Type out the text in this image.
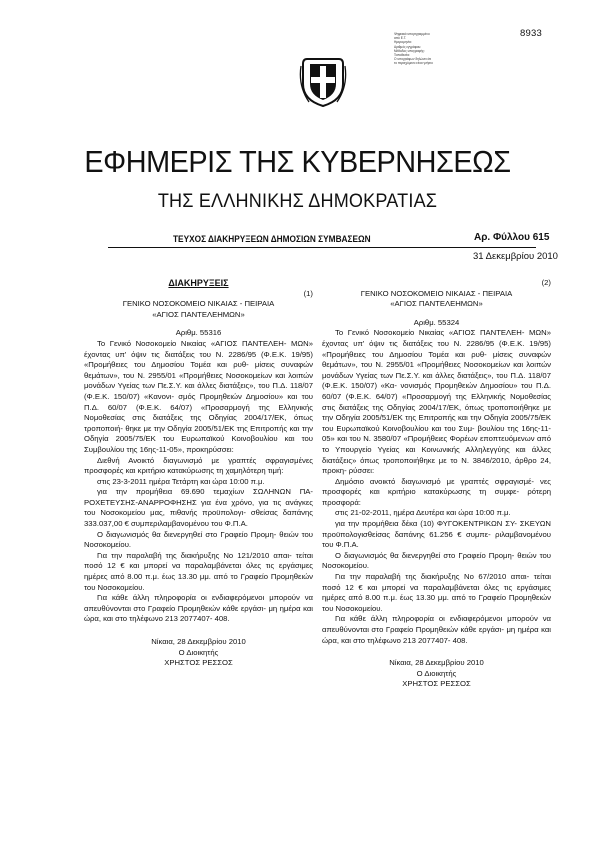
Ψηφιακά υπογεγραμμένο
από Ε.Τ.
Ημερομηνία:
Αριθμός εγγράφου:
Μέθοδος υπογραφής:
Τοποθεσία:
Ο υπογράφων δηλώνει ότι
το περιεχόμενο είναι γνήσιο
8933
ΕΦΗΜΕΡΙΣ ΤΗΣ ΚΥΒΕΡΝΗΣΕΩΣ
ΤΗΣ ΕΛΛΗΝΙΚΗΣ ΔΗΜΟΚΡΑΤΙΑΣ
ΤΕΥΧΟΣ ΔΙΑΚΗΡΥΞΕΩΝ ΔΗΜΟΣΙΩΝ ΣΥΜΒΑΣΕΩΝ	Αρ. Φύλλου 615
31 Δεκεμβρίου 2010

ΔΙΑΚΗΡΥΞΕΙΣ

(1)

ΓΕΝΙΚΟ ΝΟΣΟΚΟΜΕΙΟ ΝΙΚΑΙΑΣ - ΠΕΙΡΑΙΑ

«ΑΓΙΟΣ ΠΑΝΤΕΛΕΗΜΩΝ»

Αριθμ. 55316

Το Γενικό Νοσοκομείο Νικαίας «ΑΓΙΟΣ ΠΑΝΤΕΛΕΗ- ΜΩΝ» έχοντας υπ' όψιν τις διατάξεις του Ν. 2286/95 (Φ.Ε.Κ. 19/95) «Προμήθειες του Δημοσίου Τομέα και ρυθ- μίσεις συναφών θεμάτων», του Ν. 2955/01 «Προμήθειες Νοσοκομείων και λοιπών μονάδων Υγείας των Πε.Σ.Υ. και άλλες διατάξεις», του Π.Δ. 118/07 (Φ.Ε.Κ. 150/07) «Κανονι- σμός Προμηθειών Δημοσίου» και του Π.Δ. 60/07 (Φ.Ε.Κ. 64/07) «Προσαρμογή της Ελληνικής Νομοθεσίας στις διατάξεις της Οδηγίας 2004/17/ΕΚ, όπως τροποποιή- θηκε με την Οδηγία 2005/51/ΕΚ της Επιτροπής και την Οδηγία 2005/75/ΕΚ του Ευρωπαϊκού Κοινοβουλίου και του Συμβουλίου της 16ης-11-05», προκηρύσσει:

Διεθνή Ανοικτό διαγωνισμό με γραπτές σφραγισμένες προσφορές και κριτήριο κατακύρωσης τη χαμηλότερη τιμή:

στις 23-3-2011 ημέρα Τετάρτη και ώρα 10:00 π.μ.

για την προμήθεια 69.690 τεμαχίων ΣΩΛΗΝΩΝ ΠΑ- ΡΟΧΕΤΕΥΣΗΣ-ΑΝΑΡΡΟΦΗΣΗΣ για ένα χρόνο, για τις ανάγκες του Νοσοκομείου μας, πιθανής προϋπολογι- σθείσας δαπάνης 333.037,00 € συμπεριλαμβανομένου του Φ.Π.Α.

Ο διαγωνισμός θα διενεργηθεί στο Γραφείο Προμη- θειών του Νοσοκομείου.

Για την παραλαβή της διακήρυξης Νο 121/2010 απαι- τείται ποσό 12 € και μπορεί να παραλαμβάνεται όλες τις εργάσιμες ημέρες από 8.00 π.μ. έως 13.30 μμ. από το Γραφείο Προμηθειών του Νοσοκομείου.

Για κάθε άλλη πληροφορία οι ενδιαφερόμενοι μπορούν να απευθύνονται στο Γραφείο Προμηθειών κάθε εργάσι- μη ημέρα και ώρα, και στο τηλέφωνο 213 2077407- 408.

Νίκαια, 28 Δεκεμβρίου 2010

Ο Διοικητής

ΧΡΗΣΤΟΣ ΡΕΣΣΟΣ

(2)

ΓΕΝΙΚΟ ΝΟΣΟΚΟΜΕΙΟ ΝΙΚΑΙΑΣ - ΠΕΙΡΑΙΑ

«ΑΓΙΟΣ ΠΑΝΤΕΛΕΗΜΩΝ»

Αριθμ. 55324

Το Γενικό Νοσοκομείο Νικαίας «ΑΓΙΟΣ ΠΑΝΤΕΛΕΗ- ΜΩΝ» έχοντας υπ' όψιν τις διατάξεις του Ν. 2286/95 (Φ.Ε.Κ. 19/95) «Προμήθειες του Δημοσίου Τομέα και ρυθ- μίσεις συναφών θεμάτων», του Ν. 2955/01 «Προμήθειες Νοσοκομείων και λοιπών μονάδων Υγείας των Πε.Σ.Υ. και άλλες διατάξεις», του Π.Δ. 118/07 (Φ.Ε.Κ. 150/07) «Κα- νονισμός Προμηθειών Δημοσίου» του Π.Δ. 60/07 (Φ.Ε.Κ. 64/07) «Προσαρμογή της Ελληνικής Νομοθεσίας στις διατάξεις της Οδηγίας 2004/17/ΕΚ, όπως τροποποιήθηκε με την Οδηγία 2005/51/ΕΚ της Επιτροπής και την Οδηγία 2005/75/ΕΚ του Ευρωπαϊκού Κοινοβουλίου και του Συμ- βουλίου της 16ης-11-05» και του Ν. 3580/07 «Προμήθειες Φορέων εποπτευόμενων από το Υπουργείο Υγείας και Κοινωνικής Αλληλεγγύης και άλλες διατάξεις» όπως τροποποιήθηκε με το Ν. 3846/2010, άρθρο 24, προκη- ρύσσει:

Δημόσιο ανοικτό διαγωνισμό με γραπτές σφραγισμέ- νες προσφορές και κριτήριο κατακύρωσης τη συμφε- ρότερη προσφορά:

στις 21-02-2011, ημέρα Δευτέρα και ώρα 10:00 π.μ.

για την προμήθεια δέκα (10) ΦΥΓΟΚΕΝΤΡΙΚΩΝ ΣΥ- ΣΚΕΥΩΝ προϋπολογισθείσας δαπάνης 61.256 € συμπε- ριλαμβανομένου του Φ.Π.Α.

Ο διαγωνισμός θα διενεργηθεί στο Γραφείο Προμη- θειών του Νοσοκομείου.

Για την παραλαβή της διακήρυξης Νο 67/2010 απαι- τείται ποσό 12 € και μπορεί να παραλαμβάνεται όλες τις εργάσιμες ημέρες από 8.00 π.μ. έως 13.30 μμ. από το Γραφείο Προμηθειών του Νοσοκομείου.

Για κάθε άλλη πληροφορία οι ενδιαφερόμενοι μπορούν να απευθύνονται στο Γραφείο Προμηθειών κάθε εργάσι- μη ημέρα και ώρα, και στο τηλέφωνο 213 2077407- 408.

Νίκαια, 28 Δεκεμβρίου 2010

Ο Διοικητής

ΧΡΗΣΤΟΣ ΡΕΣΣΟΣ
